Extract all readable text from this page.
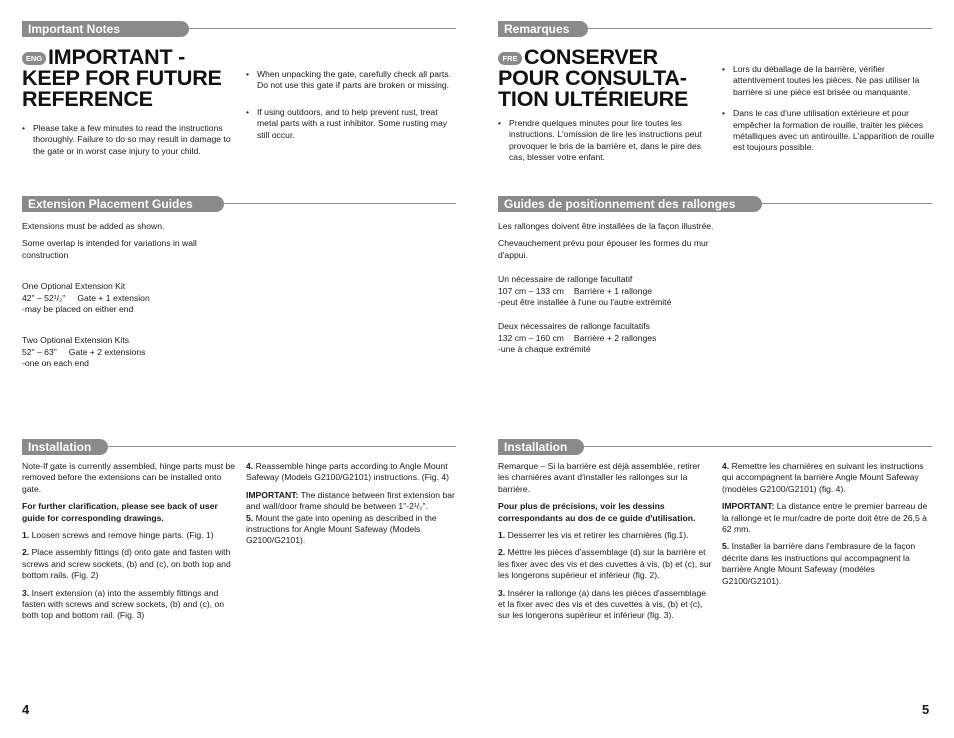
Important Notes
ENG IMPORTANT -
KEEP FOR FUTURE
REFERENCE
• Please take a few minutes to read the instructions thoroughly. Failure to do so may result in damage to the gate or in worst case injury to your child.
• When unpacking the gate, carefully check all parts. Do not use this gate if parts are broken or missing.
• If using outdoors, and to help prevent rust, treat metal parts with a rust inhibitor. Some rusting may still occur.
Extension Placement Guides

Extensions must be added as shown.

Some overlap is intended for variations in wall construction

One Optional Extension Kit
42" – 52¹/₂" Gate + 1 extension
-may be placed on either end
Two Optional Extension Kits
52" – 63" Gate + 2 extensions
-one on each end
Installation

Note-If gate is currently assembled, hinge parts must be removed before the extensions can be installed onto gate.

For further clarification, please see back of user guide for corresponding drawings.

1. Loosen screws and remove hinge parts. (Fig. 1)

2. Place assembly fittings (d) onto gate and fasten with screws and screw sockets, (b) and (c), on both top and bottom rails. (Fig. 2)

3. Insert extension (a) into the assembly fittings and fasten with screws and screw sockets, (b) and (c), on both top and bottom rail. (Fig. 3)

4. Reassemble hinge parts according to Angle Mount Safeway (Models G2100/G2101) instructions. (Fig. 4)

IMPORTANT: The distance between first extension bar and wall/door frame should be between 1"-2¹/₂".

5. Mount the gate into opening as described in the instructions for Angle Mount Safeway (Models G2100/G2101).

4
Remarques
FRE CONSERVER
POUR CONSULTA-
TION ULTÉRIEURE
• Prendre quelques minutes pour lire toutes les instructions. L'omission de lire les instructions peut provoquer le bris de la barrière et, dans le pire des cas, blesser votre enfant.
• Lors du déballage de la barrière, vérifier attentivement toutes les pièces. Ne pas utiliser la barrière si une pièce est brisée ou manquante.
• Dans le cas d'une utilisation extérieure et pour empêcher la formation de rouille, traiter les pièces métalliques avec un antirouille. L'apparition de rouille est toujours possible.
Guides de positionnement des rallonges

Les rallonges doivent être installées de la façon illustrée.

Chevauchement prévu pour épouser les formes du mur d'appui.

Un nécessaire de rallonge facultatif
107 cm – 133 cm Barrière + 1 rallonge
-peut être installée à l'une ou l'autre extrémité
Deux nécessaires de rallonge facultatifs
132 cm – 160 cm Barrière + 2 rallonges
-une à chaque extrémité
Installation

Remarque – Si la barrière est déjà assemblée, retirer les charnières avant d'installer les rallonges sur la barrière.

Pour plus de précisions, voir les dessins correspondants au dos de ce guide d'utilisation.

1. Desserrer les vis et retirer les charnières (fig.1).

2. Mettre les pièces d'assemblage (d) sur la barrière et les fixer avec des vis et des cuvettes à vis, (b) et (c), sur les longerons supérieur et inférieur (fig. 2).

3. Insérer la rallonge (a) dans les pièces d'assemblage et la fixer avec des vis et des cuvettes à vis, (b) et (c), sur les longerons supérieur et inférieur (fig. 3).

4. Remettre les charnières en suivant les instructions qui accompagnent la barrière Angle Mount Safeway (modèles G2100/G2101) (fig. 4).

IMPORTANT: La distance entre le premier barreau de la rallonge et le mur/cadre de porte doit être de 26,5 à 62 mm.

5. Installer la barrière dans l'embrasure de la façon décrite dans les instructions qui accompagnent la barrière Angle Mount Safeway (modèles G2100/G2101).

5
